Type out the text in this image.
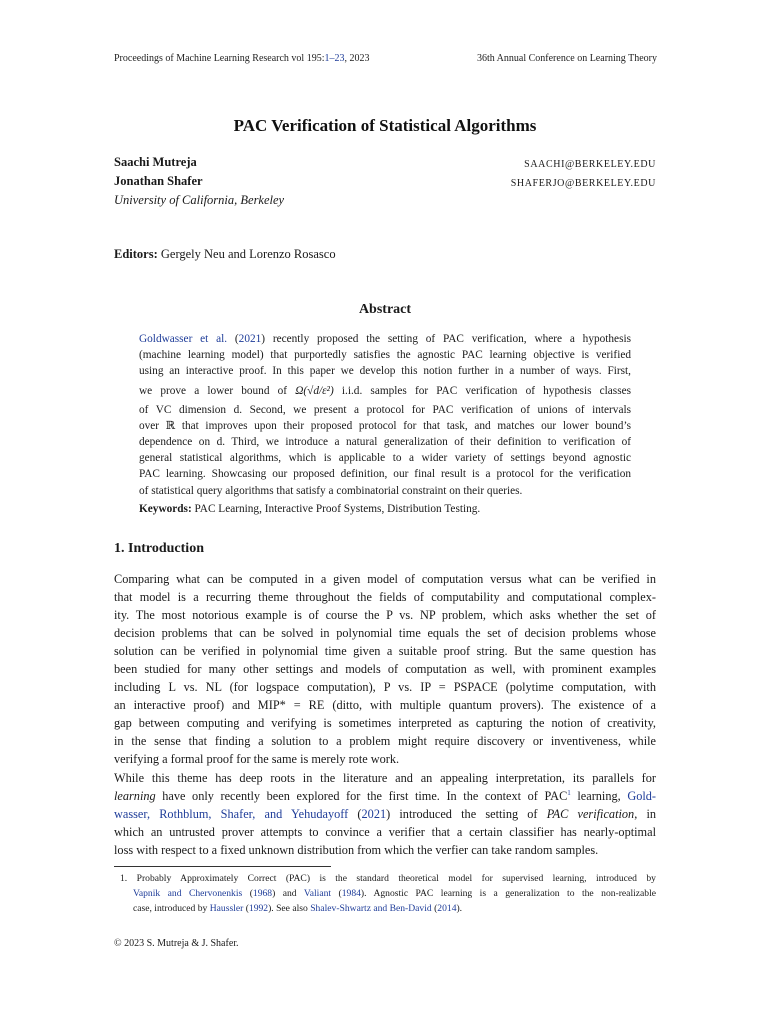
Proceedings of Machine Learning Research vol 195:1–23, 2023	36th Annual Conference on Learning Theory
PAC Verification of Statistical Algorithms
Saachi Mutreja	SAACHI@BERKELEY.EDU
Jonathan Shafer	SHAFERJO@BERKELEY.EDU
University of California, Berkeley
Editors: Gergely Neu and Lorenzo Rosasco
Abstract
Goldwasser et al. (2021) recently proposed the setting of PAC verification, where a hypothesis
(machine learning model) that purportedly satisfies the agnostic PAC learning objective is verified
using an interactive proof. In this paper we develop this notion further in a number of ways. First,
we prove a lower bound of Ω(√d/ε²) i.i.d. samples for PAC verification of hypothesis classes
of VC dimension d. Second, we present a protocol for PAC verification of unions of intervals
over ℝ that improves upon their proposed protocol for that task, and matches our lower bound’s
dependence on d. Third, we introduce a natural generalization of their definition to verification of
general statistical algorithms, which is applicable to a wider variety of settings beyond agnostic
PAC learning. Showcasing our proposed definition, our final result is a protocol for the verification
of statistical query algorithms that satisfy a combinatorial constraint on their queries.
Keywords: PAC Learning, Interactive Proof Systems, Distribution Testing.
1. Introduction
Comparing what can be computed in a given model of computation versus what can be verified in
that model is a recurring theme throughout the fields of computability and computational complex-
ity. The most notorious example is of course the P vs. NP problem, which asks whether the set of
decision problems that can be solved in polynomial time equals the set of decision problems whose
solution can be verified in polynomial time given a suitable proof string. But the same question has
been studied for many other settings and models of computation as well, with prominent examples
including L vs. NL (for logspace computation), P vs. IP = PSPACE (polytime computation, with
an interactive proof) and MIP* = RE (ditto, with multiple quantum provers). The existence of a
gap between computing and verifying is sometimes interpreted as capturing the notion of creativity,
in the sense that finding a solution to a problem might require discovery or inventiveness, while
verifying a formal proof for the same is merely rote work.
While this theme has deep roots in the literature and an appealing interpretation, its parallels for
learning have only recently been explored for the first time. In the context of PAC$^1$ learning, Gold-
wasser, Rothblum, Shafer, and Yehudayoff (2021) introduced the setting of PAC verification, in
which an untrusted prover attempts to convince a verifier that a certain classifier has nearly-optimal
loss with respect to a fixed unknown distribution from which the verfier can take random samples.
1. Probably Approximately Correct (PAC) is the standard theoretical model for supervised learning, introduced by
Vapnik and Chervonenkis (1968) and Valiant (1984). Agnostic PAC learning is a generalization to the non-realizable
case, introduced by Haussler (1992). See also Shalev-Shwartz and Ben-David (2014).
© 2023 S. Mutreja & J. Shafer.
